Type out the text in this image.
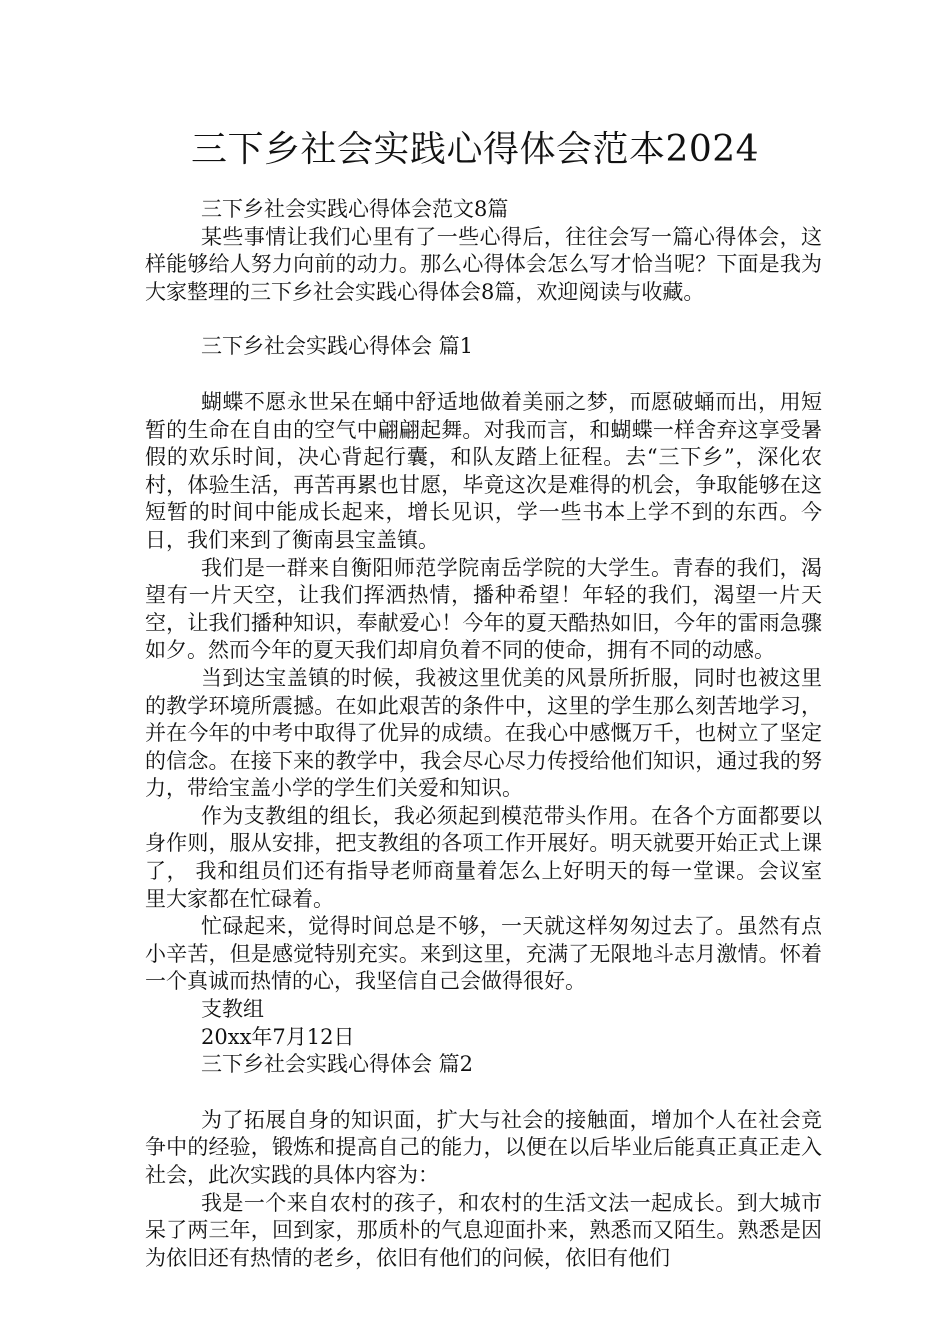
三下乡社会实践心得体会范本2024

三下乡社会实践心得体会范文8篇

某些事情让我们心里有了一些心得后，往往会写一篇心得体会，这样能够给人努力向前的动力。那么心得体会怎么写才恰当呢？下面是我为大家整理的三下乡社会实践心得体会8篇，欢迎阅读与收藏。

三下乡社会实践心得体会 篇1

蝴蝶不愿永世呆在蛹中舒适地做着美丽之梦，而愿破蛹而出，用短暂的生命在自由的空气中翩翩起舞。对我而言，和蝴蝶一样舍弃这享受暑假的欢乐时间，决心背起行囊，和队友踏上征程。去“三下乡”，深化农村，体验生活，再苦再累也甘愿，毕竟这次是难得的机会，争取能够在这短暂的时间中能成长起来，增长见识，学一些书本上学不到的东西。今日，我们来到了衡南县宝盖镇。

我们是一群来自衡阳师范学院南岳学院的大学生。青春的我们，渴望有一片天空，让我们挥洒热情，播种希望！年轻的我们，渴望一片天空，让我们播种知识，奉献爱心！今年的夏天酷热如旧，今年的雷雨急骤如夕。然而今年的夏天我们却肩负着不同的使命，拥有不同的动感。

当到达宝盖镇的时候，我被这里优美的风景所折服，同时也被这里的教学环境所震撼。在如此艰苦的条件中，这里的学生那么刻苦地学习，并在今年的中考中取得了优异的成绩。在我心中感慨万千，也树立了坚定的信念。在接下来的教学中，我会尽心尽力传授给他们知识，通过我的努力，带给宝盖小学的学生们关爱和知识。

作为支教组的组长，我必须起到模范带头作用。在各个方面都要以身作则，服从安排，把支教组的各项工作开展好。明天就要开始正式上课了， 我和组员们还有指导老师商量着怎么上好明天的每一堂课。会议室里大家都在忙碌着。

忙碌起来，觉得时间总是不够，一天就这样匆匆过去了。虽然有点小辛苦，但是感觉特别充实。来到这里，充满了无限地斗志月激情。怀着一个真诚而热情的心，我坚信自己会做得很好。

支教组

20xx年7月12日

三下乡社会实践心得体会 篇2

为了拓展自身的知识面，扩大与社会的接触面，增加个人在社会竞争中的经验，锻炼和提高自己的能力，以便在以后毕业后能真正真正走入社会，此次实践的具体内容为：

我是一个来自农村的孩子，和农村的生活文法一起成长。到大城市呆了两三年，回到家，那质朴的气息迎面扑来，熟悉而又陌生。熟悉是因为依旧还有热情的老乡，依旧有他们的问候，依旧有他们
